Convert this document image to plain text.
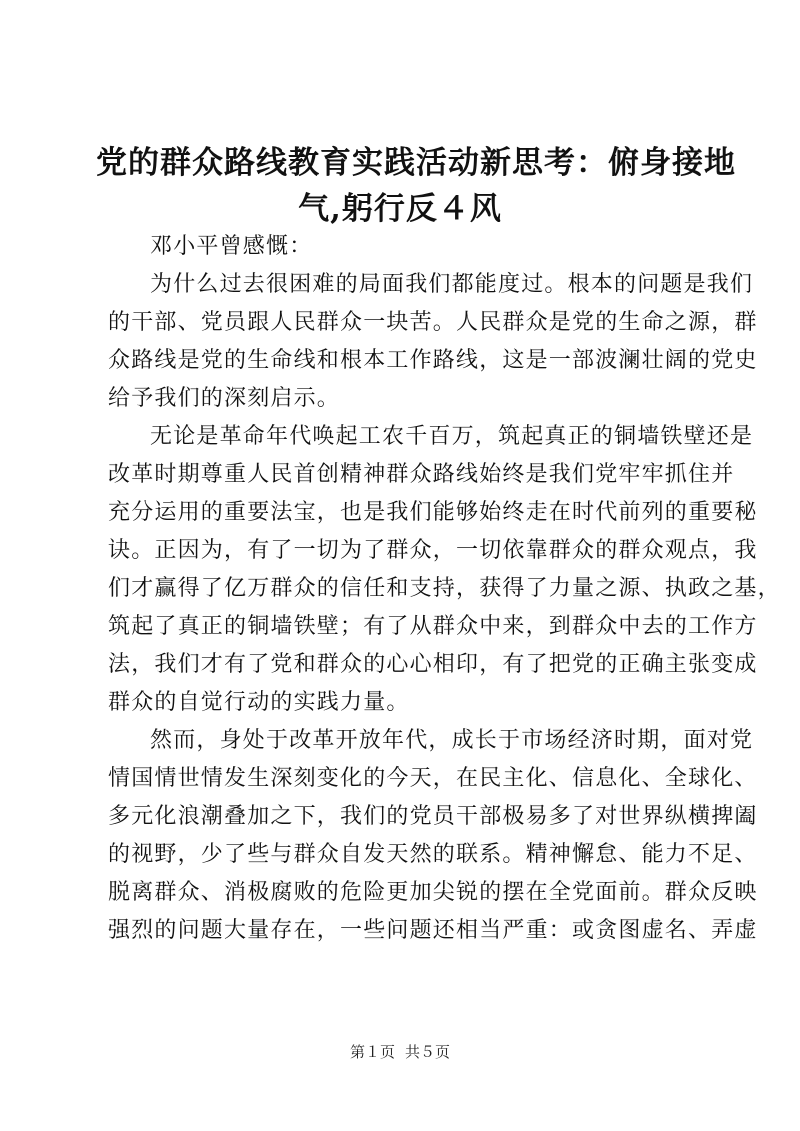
党的群众路线教育实践活动新思考：俯身接地
气,躬行反４风
邓小平曾感慨：
为什么过去很困难的局面我们都能度过。根本的问题是我们
的干部、党员跟人民群众一块苦。人民群众是党的生命之源，群
众路线是党的生命线和根本工作路线，这是一部波澜壮阔的党史
给予我们的深刻启示。
无论是革命年代唤起工农千百万，筑起真正的铜墙铁壁还是
改革时期尊重人民首创精神群众路线始终是我们党牢牢抓住并
充分运用的重要法宝，也是我们能够始终走在时代前列的重要秘
诀。正因为，有了一切为了群众，一切依靠群众的群众观点，我
们才赢得了亿万群众的信任和支持，获得了力量之源、执政之基，
筑起了真正的铜墙铁壁；有了从群众中来，到群众中去的工作方
法，我们才有了党和群众的心心相印，有了把党的正确主张变成
群众的自觉行动的实践力量。
然而，身处于改革开放年代，成长于市场经济时期，面对党
情国情世情发生深刻变化的今天，在民主化、信息化、全球化、
多元化浪潮叠加之下，我们的党员干部极易多了对世界纵横捭阖
的视野，少了些与群众自发天然的联系。精神懈怠、能力不足、
脱离群众、消极腐败的危险更加尖锐的摆在全党面前。群众反映
强烈的问题大量存在，一些问题还相当严重：或贪图虚名、弄虚
第１页 共５页
